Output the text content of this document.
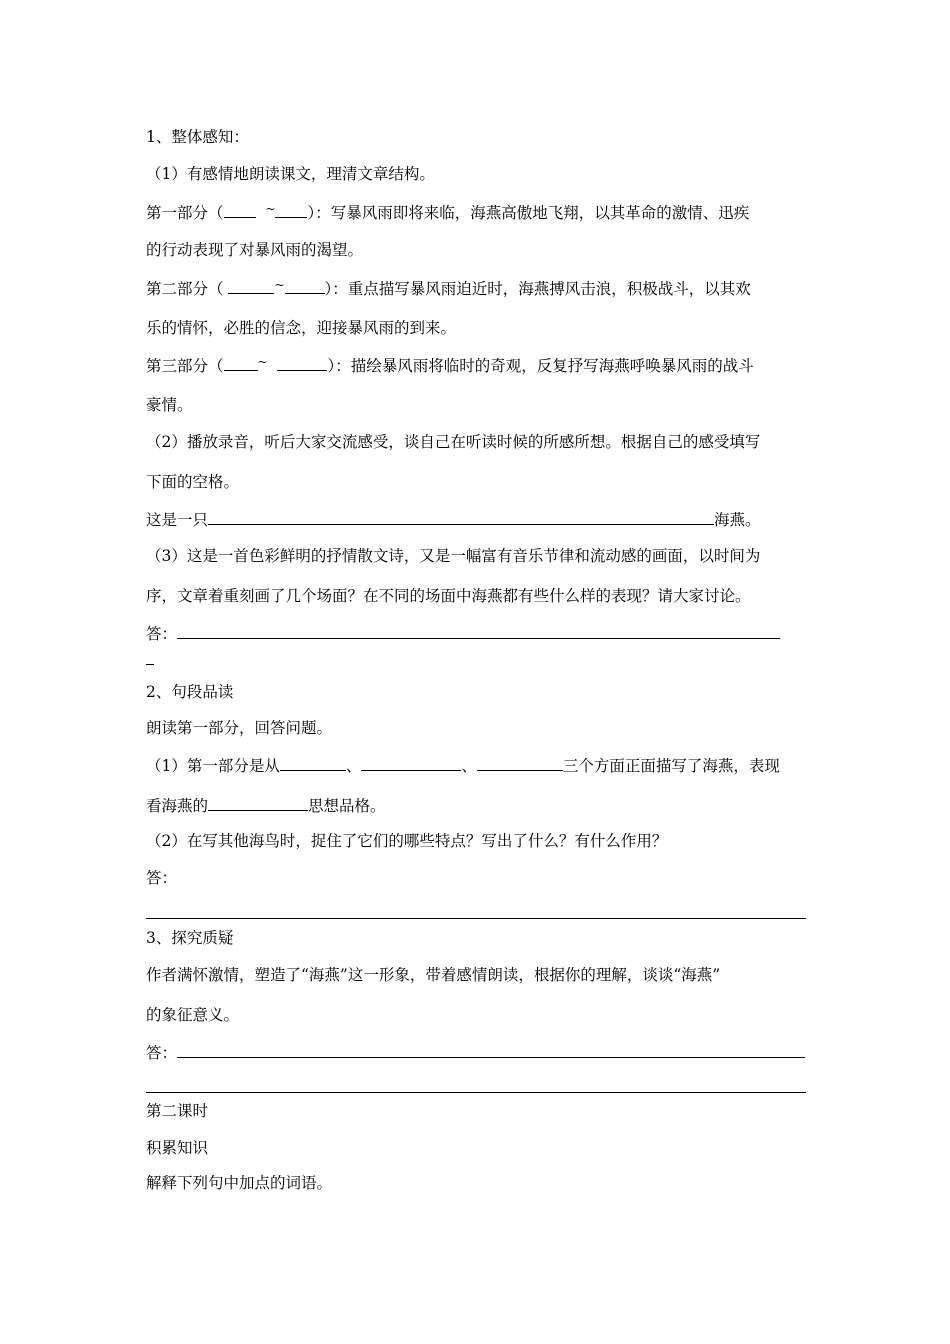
1、整体感知：
（1）有感情地朗读课文，理清文章结构。
第一部分（	~ ）：写暴风雨即将来临，海燕高傲地飞翔，以其革命的激情、迅疾
的行动表现了对暴风雨的渴望。
第二部分（	~	）：重点描写暴风雨迫近时，海燕搏风击浪，积极战斗，以其欢
乐的情怀，必胜的信念，迎接暴风雨的到来。
第三部分（	~	）：描绘暴风雨将临时的奇观，反复抒写海燕呼唤暴风雨的战斗
豪情。
（2）播放录音，听后大家交流感受，谈自己在听读时候的所感所想。根据自己的感受填写
下面的空格。
这是一只	海燕。
（3）这是一首色彩鲜明的抒情散文诗，又是一幅富有音乐节律和流动感的画面，以时间为
序，文章着重刻画了几个场面？在不同的场面中海燕都有些什么样的表现？请大家讨论。
答：
2、句段品读
朗读第一部分，回答问题。
（1）第一部分是从	、	、	三个方面正面描写了海燕，表现
看海燕的	思想品格。
（2）在写其他海鸟时，捉住了它们的哪些特点？写出了什么？有什么作用？
答：
3、探究质疑
作者满怀激情，塑造了“海燕”这一形象，带着感情朗读，根据你的理解，谈谈“海燕”
的象征意义。
答：
第二课时
积累知识
解释下列句中加点的词语。
